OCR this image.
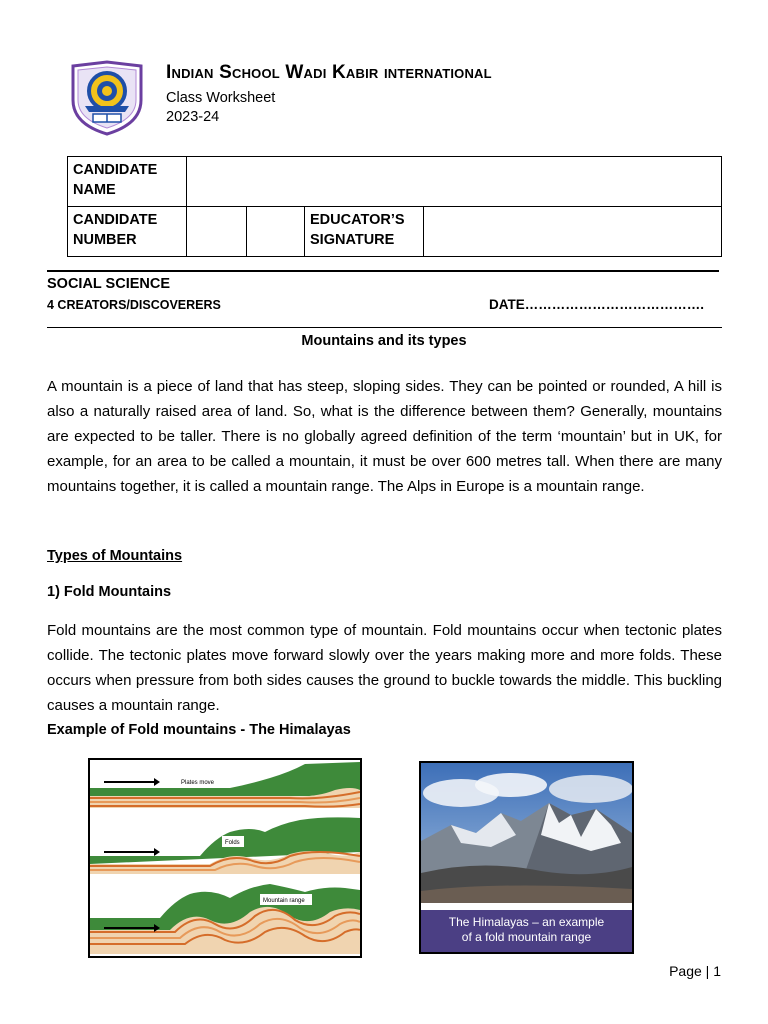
Indian School Wadi Kabir international
Class Worksheet
2023-24
CANDIDATE NAME				
CANDIDATE NUMBER			EDUCATOR’S SIGNATURE	
SOCIAL SCIENCE
4 CREATORS/DISCOVERERS	DATE………………………………….
Mountains and its types

A mountain is a piece of land that has steep, sloping sides. They can be pointed or rounded, A hill is also a naturally raised area of land. So, what is the difference between them? Generally, mountains are expected to be taller. There is no globally agreed definition of the term ‘mountain’ but in UK, for example, for an area to be called a mountain, it must be over 600 metres tall. When there are many mountains together, it is called a mountain range. The Alps in Europe is a mountain range.

Types of Mountains
1) Fold Mountains

Fold mountains are the most common type of mountain. Fold mountains occur when tectonic plates collide. The tectonic plates move forward slowly over the years making more and more folds. These occurs when pressure from both sides causes the ground to buckle towards the middle. This buckling causes a mountain range.

Example of Fold mountains - The Himalayas
Plates move
Folds
Mountain range
The Himalayas – an example
of a fold mountain range
Page | 1
